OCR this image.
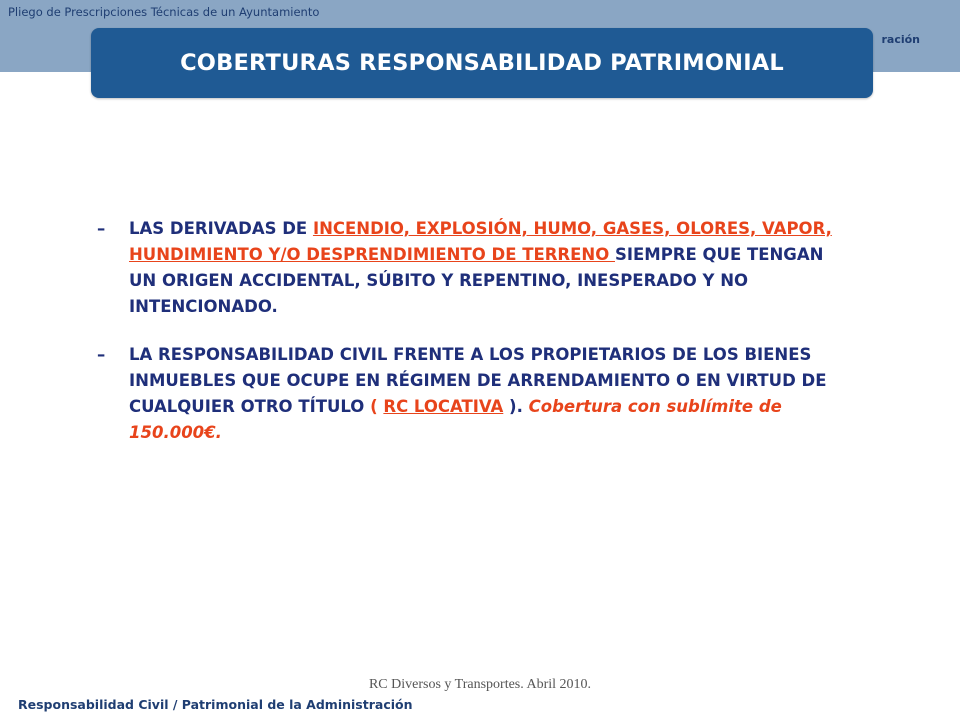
Pliego de Prescripciones Técnicas de un Ayuntamiento
ración
COBERTURAS RESPONSABILIDAD PATRIMONIAL
–	LAS DERIVADAS DE INCENDIO, EXPLOSIÓN, HUMO, GASES, OLORES, VAPOR, HUNDIMIENTO Y/O DESPRENDIMIENTO DE TERRENO SIEMPRE QUE TENGAN UN ORIGEN ACCIDENTAL, SÚBITO Y REPENTINO, INESPERADO Y NO INTENCIONADO.
–	LA RESPONSABILIDAD CIVIL FRENTE A LOS PROPIETARIOS DE LOS BIENES INMUEBLES QUE OCUPE EN RÉGIMEN DE ARRENDAMIENTO O EN VIRTUD DE CUALQUIER OTRO TÍTULO ( RC LOCATIVA ). Cobertura con sublímite de 150.000€.
RC Diversos y Transportes. Abril 2010.
Responsabilidad Civil / Patrimonial de la Administración
